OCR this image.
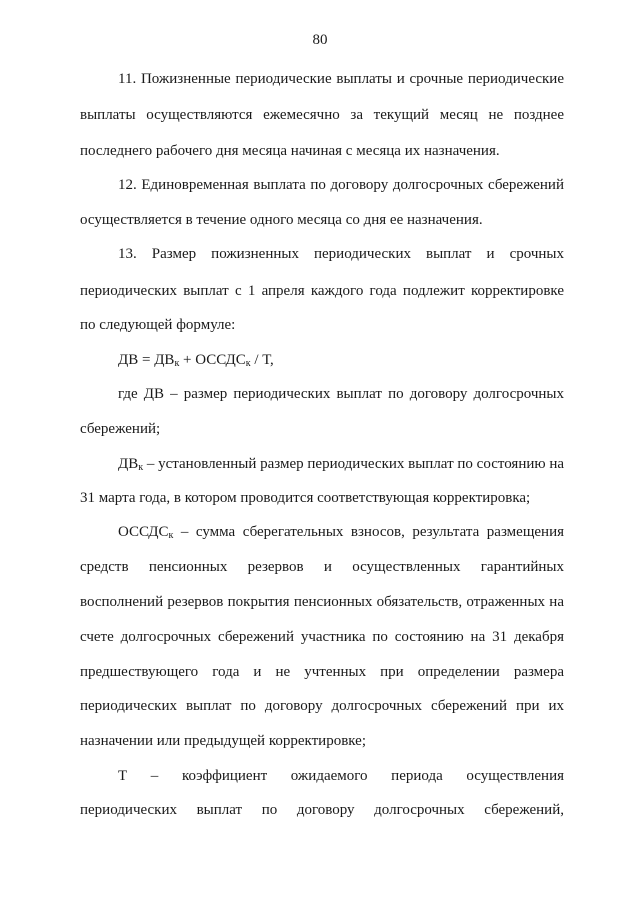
80
11. Пожизненные периодические выплаты и срочные периодические
выплаты осуществляются ежемесячно за текущий месяц не позднее
последнего рабочего дня месяца начиная с месяца их назначения.
12. Единовременная выплата по договору долгосрочных сбережений
осуществляется в течение одного месяца со дня ее назначения.
13. Размер пожизненных периодических выплат и срочных
периодических выплат с 1 апреля каждого года подлежит корректировке
по следующей формуле:
ДВ = $ДВ_к$ + $ОССДС_к$ / Т,
где ДВ – размер периодических выплат по договору долгосрочных
сбережений;
$ДВ_к$ – установленный размер периодических выплат по состоянию на
31 марта года, в котором проводится соответствующая корректировка;
$ОССДС_к$ – сумма сберегательных взносов, результата размещения
средств пенсионных резервов и осуществленных гарантийных
восполнений резервов покрытия пенсионных обязательств, отраженных на
счете долгосрочных сбережений участника по состоянию на 31 декабря
предшествующего года и не учтенных при определении размера
периодических выплат по договору долгосрочных сбережений при их
назначении или предыдущей корректировке;
Т – коэффициент ожидаемого периода осуществления
периодических выплат по договору долгосрочных сбережений,
